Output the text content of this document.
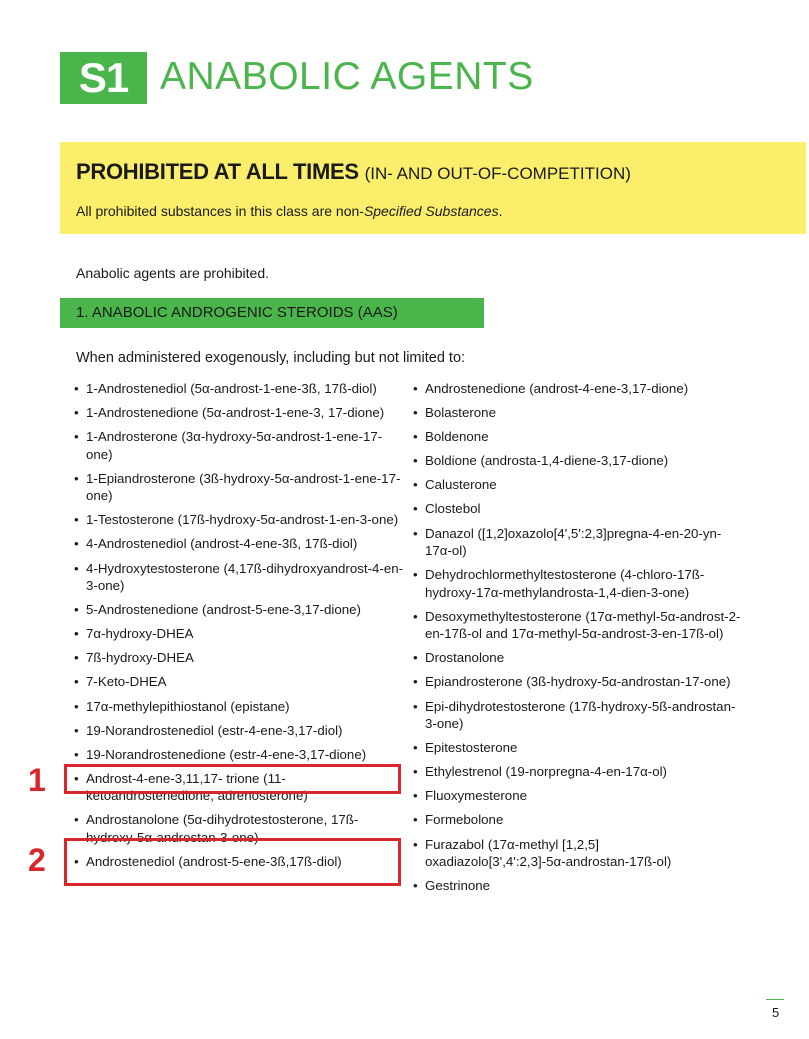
S1 ANABOLIC AGENTS
PROHIBITED AT ALL TIMES (IN- AND OUT-OF-COMPETITION)
All prohibited substances in this class are non-Specified Substances.
Anabolic agents are prohibited.
1. ANABOLIC ANDROGENIC STEROIDS (AAS)
When administered exogenously, including but not limited to:
• 1-Androstenediol (5α-androst-1-ene-3ß, 17ß-diol)
• 1-Androstenedione (5α-androst-1-ene-3, 17-dione)
• 1-Androsterone (3α-hydroxy-5α-androst-1-ene-17-one)
• 1-Epiandrosterone (3ß-hydroxy-5α-androst-1-ene-17-one)
• 1-Testosterone (17ß-hydroxy-5α-androst-1-en-3-one)
• 4-Androstenediol (androst-4-ene-3ß, 17ß-diol)
• 4-Hydroxytestosterone (4,17ß-dihydroxyandrost-4-en-3-one)
• 5-Androstenedione (androst-5-ene-3,17-dione)
• 7α-hydroxy-DHEA
• 7ß-hydroxy-DHEA
• 7-Keto-DHEA
• 17α-methylepithiostanol (epistane)
• 19-Norandrostenediol (estr-4-ene-3,17-diol)
• 19-Norandrostenedione (estr-4-ene-3,17-dione)
• Androst-4-ene-3,11,17- trione (11-ketoandrostenedione, adrenosterone)
• Androstanolone (5α-dihydrotestosterone, 17ß-hydroxy-5α-androstan-3-one)
• Androstenediol (androst-5-ene-3ß,17ß-diol)
• Androstenedione (androst-4-ene-3,17-dione)
• Bolasterone
• Boldenone
• Boldione (androsta-1,4-diene-3,17-dione)
• Calusterone
• Clostebol
• Danazol ([1,2]oxazolo[4',5':2,3]pregna-4-en-20-yn-17α-ol)
• Dehydrochlormethyltestosterone (4-chloro-17ß-hydroxy-17α-methylandrosta-1,4-dien-3-one)
• Desoxymethyltestosterone (17α-methyl-5α-androst-2-en-17ß-ol and 17α-methyl-5α-androst-3-en-17ß-ol)
• Drostanolone
• Epiandrosterone (3ß-hydroxy-5α-androstan-17-one)
• Epi-dihydrotestosterone (17ß-hydroxy-5ß-androstan-3-one)
• Epitestosterone
• Ethylestrenol (19-norpregna-4-en-17α-ol)
• Fluoxymesterone
• Formebolone
• Furazabol (17α-methyl [1,2,5] oxadiazolo[3',4':2,3]-5α-androstan-17ß-ol)
• Gestrinone
1
2
5
